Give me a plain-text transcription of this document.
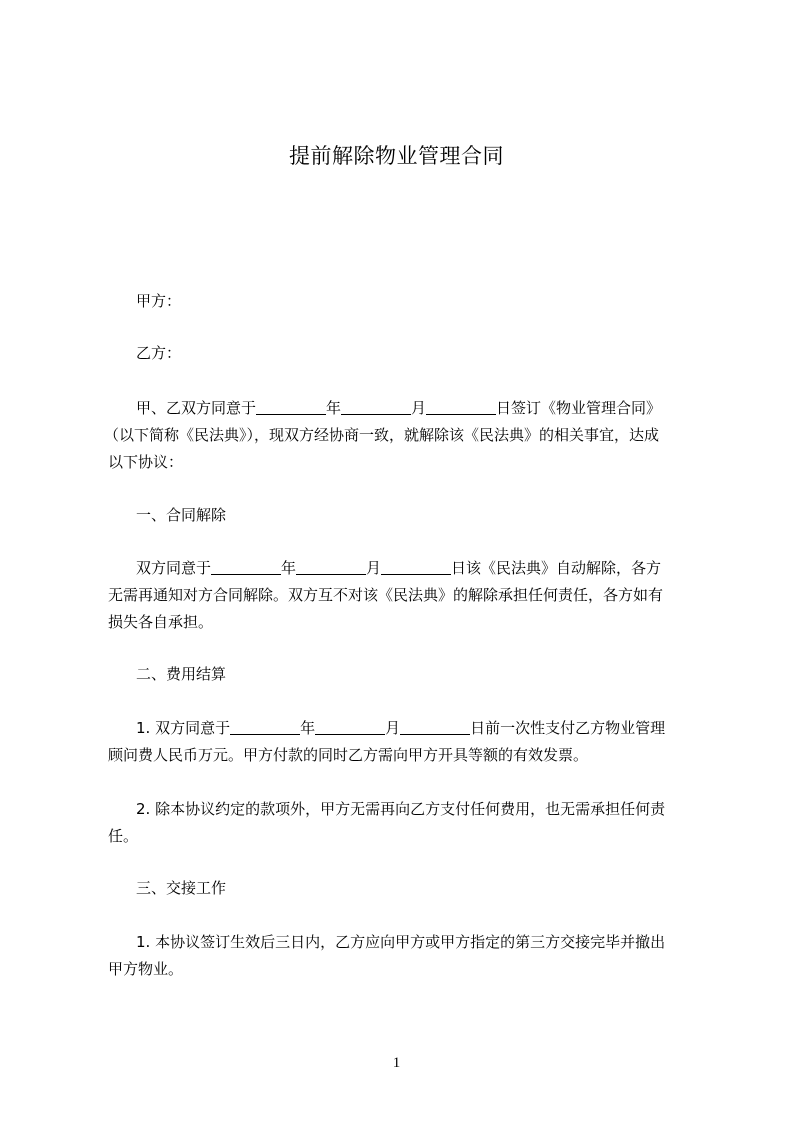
提前解除物业管理合同
甲方：
乙方：
甲、乙双方同意于	年	月	日签订《物业管理合同》
（以下简称《民法典》），现双方经协商一致，就解除该《民法典》的相关事宜，达成
以下协议：
一、合同解除
双方同意于	年	月	日该《民法典》自动解除，各方
无需再通知对方合同解除。双方互不对该《民法典》的解除承担任何责任，各方如有
损失各自承担。
二、费用结算
1. 双方同意于	年	月	日前一次性支付乙方物业管理
顾问费人民币万元。甲方付款的同时乙方需向甲方开具等额的有效发票。
2. 除本协议约定的款项外，甲方无需再向乙方支付任何费用，也无需承担任何责
任。
三、交接工作
1. 本协议签订生效后三日内，乙方应向甲方或甲方指定的第三方交接完毕并撤出
甲方物业。
1
